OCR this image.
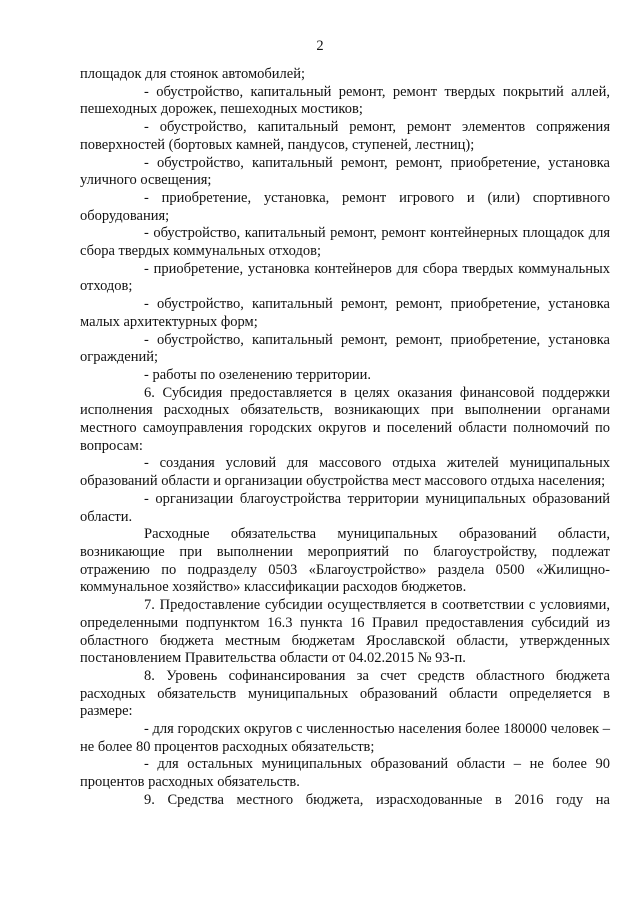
2

площадок для стоянок автомобилей;

- обустройство, капитальный ремонт, ремонт твердых покрытий аллей, пешеходных дорожек, пешеходных мостиков;

- обустройство, капитальный ремонт, ремонт элементов сопряжения поверхностей (бортовых камней, пандусов, ступеней, лестниц);

- обустройство, капитальный ремонт, ремонт, приобретение, установка уличного освещения;

- приобретение, установка, ремонт игрового и (или) спортивного оборудования;

- обустройство, капитальный ремонт, ремонт контейнерных площадок для сбора твердых коммунальных отходов;

- приобретение, установка контейнеров для сбора твердых коммунальных отходов;

- обустройство, капитальный ремонт, ремонт, приобретение, установка малых архитектурных форм;

- обустройство, капитальный ремонт, ремонт, приобретение, установка ограждений;

- работы по озеленению территории.

6. Субсидия предоставляется в целях оказания финансовой поддержки исполнения расходных обязательств, возникающих при выполнении органами местного самоуправления городских округов и поселений области полномочий по вопросам:

- создания условий для массового отдыха жителей муниципальных образований области и организации обустройства мест массового отдыха населения;

- организации благоустройства территории муниципальных образований области.

Расходные обязательства муниципальных образований области, возникающие при выполнении мероприятий по благоустройству, подлежат отражению по подразделу 0503 «Благоустройство» раздела 0500 «Жилищно-коммунальное хозяйство» классификации расходов бюджетов.

7. Предоставление субсидии осуществляется в соответствии с условиями, определенными подпунктом 16.3 пункта 16 Правил предоставления субсидий из областного бюджета местным бюджетам Ярославской области, утвержденных постановлением Правительства области от 04.02.2015 № 93-п.

8. Уровень софинансирования за счет средств областного бюджета расходных обязательств муниципальных образований области определяется в размере:

- для городских округов с численностью населения более 180000 человек – не более 80 процентов расходных обязательств;

- для остальных муниципальных образований области – не более 90 процентов расходных обязательств.

9. Средства местного бюджета, израсходованные в 2016 году на
